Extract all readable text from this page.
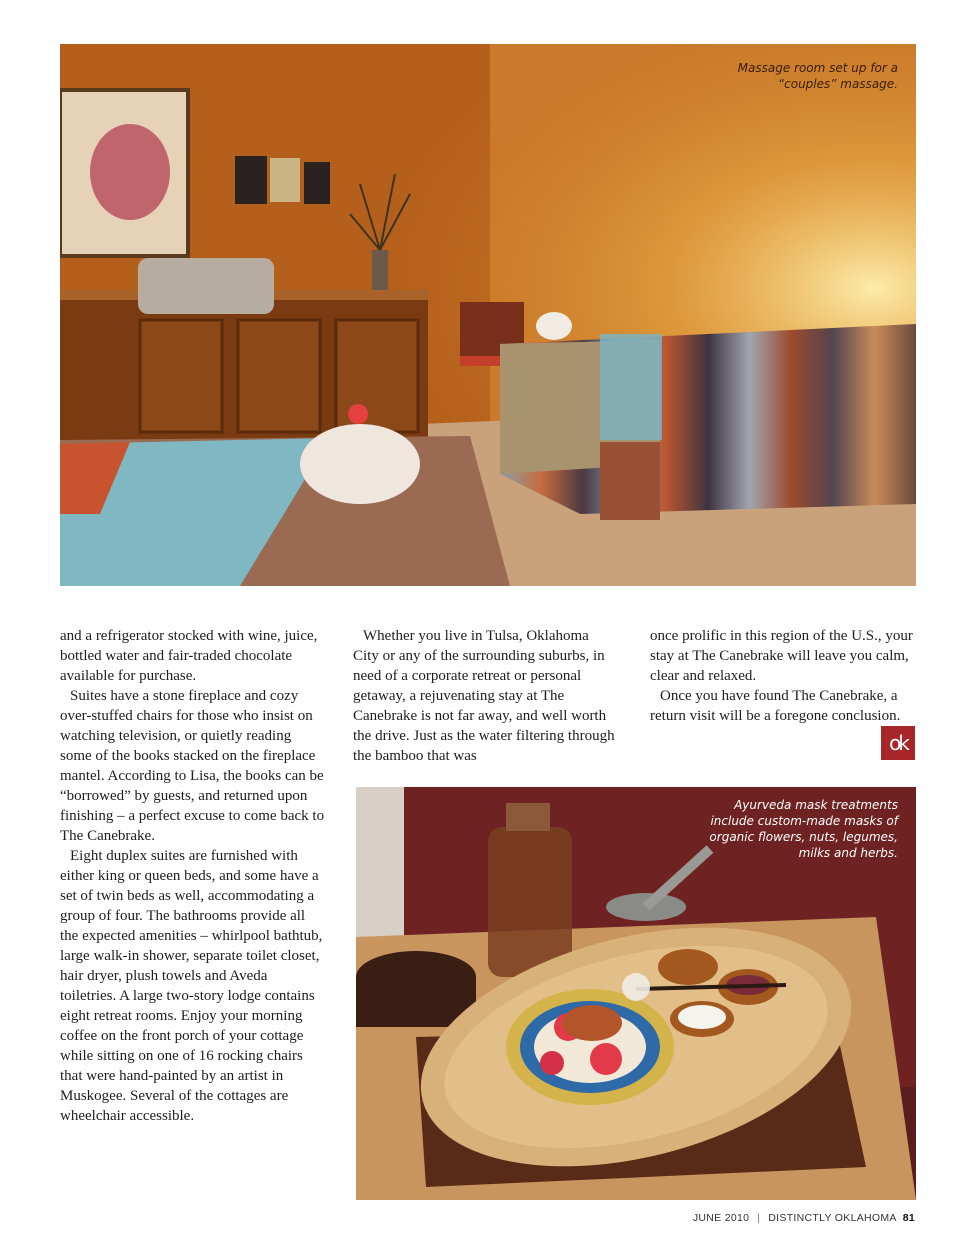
Massage room set up for a “couples” massage.

and a refrigerator stocked with wine, juice, bottled water and fair-traded chocolate available for purchase.

Suites have a stone fireplace and cozy over-stuffed chairs for those who insist on watching television, or quietly reading some of the books stacked on the fireplace mantel. According to Lisa, the books can be “borrowed” by guests, and returned upon finishing – a perfect excuse to come back to The Canebrake.

Eight duplex suites are furnished with either king or queen beds, and some have a set of twin beds as well, accommodating a group of four. The bathrooms provide all the expected amenities – whirlpool bathtub, large walk-in shower, separate toilet closet, hair dryer, plush towels and Aveda toiletries. A large two-story lodge contains eight retreat rooms. Enjoy your morning coffee on the front porch of your cottage while sitting on one of 16 rocking chairs that were hand-painted by an artist in Muskogee. Several of the cottages are wheelchair accessible.

Whether you live in Tulsa, Oklahoma City or any of the surrounding suburbs, in need of a corporate retreat or personal getaway, a rejuvenating stay at The Canebrake is not far away, and well worth the drive. Just as the water filtering through the bamboo that was

once prolific in this region of the U.S., your stay at The Canebrake will leave you calm, clear and relaxed.

Once you have found The Canebrake, a return visit will be a foregone conclusion.

ok
Ayurveda mask treatments include custom-made masks of organic flowers, nuts, legumes, milks and herbs.
JUNE 2010 | DISTINCTLY OKLAHOMA 81
